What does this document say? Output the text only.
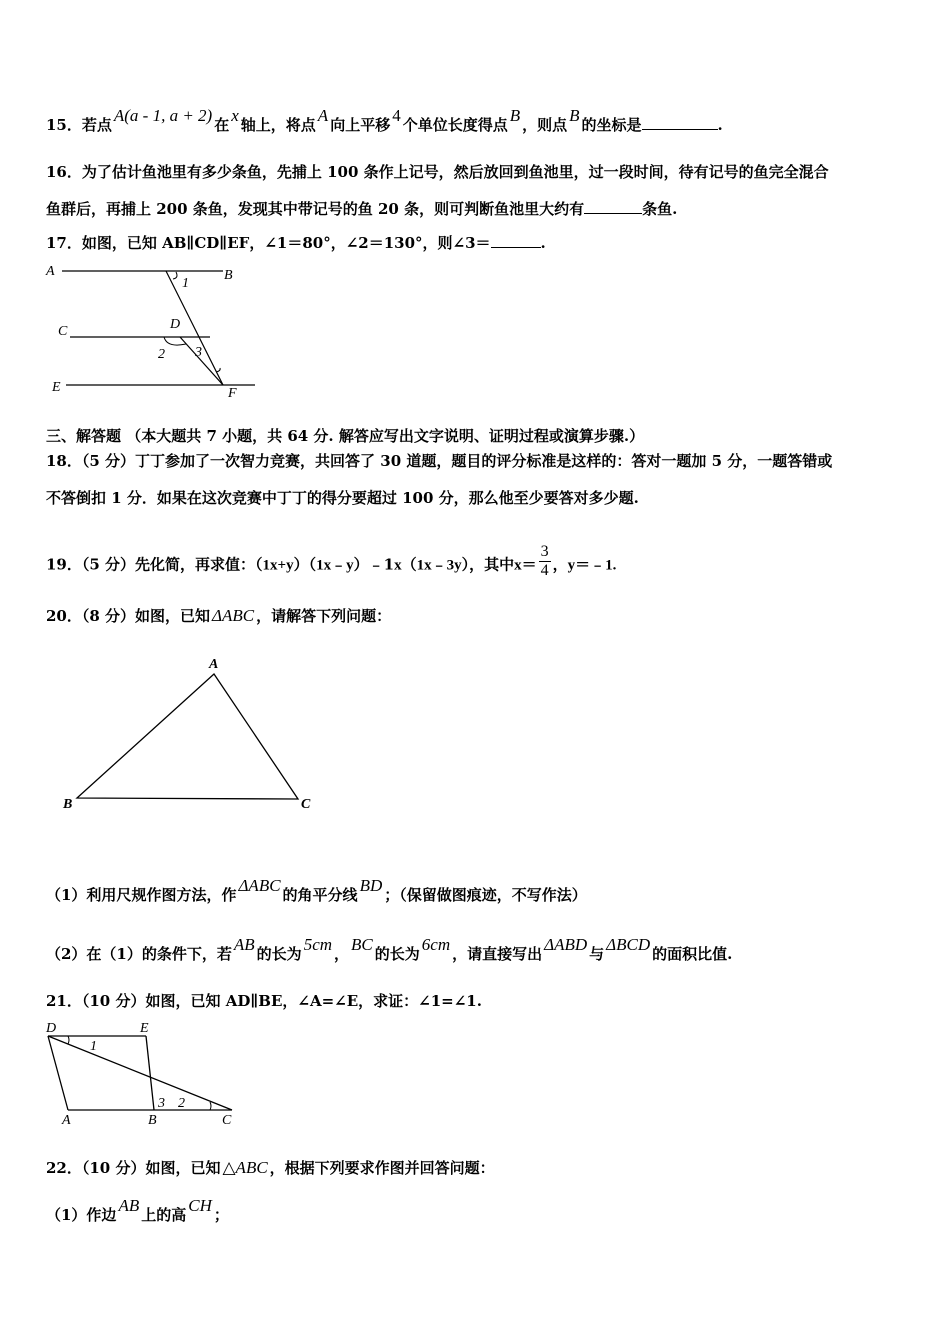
15．若点 A(a - 1, a + 2) 在 x 轴上，将点 A 向上平移 4 个单位长度得点 B ，则点 B 的坐标是	.
16．为了估计鱼池里有多少条鱼，先捕上 100 条作上记号，然后放回到鱼池里，过一段时间，待有记号的鱼完全混合
鱼群后，再捕上 200 条鱼，发现其中带记号的鱼 20 条，则可判断鱼池里大约有	条鱼.
17．如图，已知 AB∥CD∥EF，∠1＝80°，∠2＝130°，则∠3＝	.
A	B
C	D
E	F
1
2 3
三、解答题 （本大题共 7 小题，共 64 分. 解答应写出文字说明、证明过程或演算步骤.）
18．（5 分）丁丁参加了一次智力竞赛，共回答了 30 道题，题目的评分标准是这样的：答对一题加 5 分，一题答错或
不答倒扣 1 分．如果在这次竞赛中丁丁的得分要超过 100 分，那么他至少要答对多少题.
19．（5 分）先化简，再求值：（1x+y）（1x﹣y）﹣1x（1x﹣3y），其中$x= \frac{3}{4}$ ，y＝﹣1.
20．（8 分）如图，已知 ΔABC ，请解答下列问题：
A
B	C
（1）利用尺规作图方法，作 ΔABC 的角平分线 BD ；（保留做图痕迹，不写作法）
（2）在（1）的条件下，若 AB 的长为 5cm ， BC 的长为 6cm ，请直接写出 ΔABD 与 ΔBCD 的面积比值.
21．（10 分）如图，已知 AD∥BE，∠A=∠E，求证：∠1=∠1.
D	E
A	B	C
1
2
3
22．（10 分）如图，已知 △ABC ，根据下列要求作图并回答问题：
（1）作边 AB 上的高 CH ；
